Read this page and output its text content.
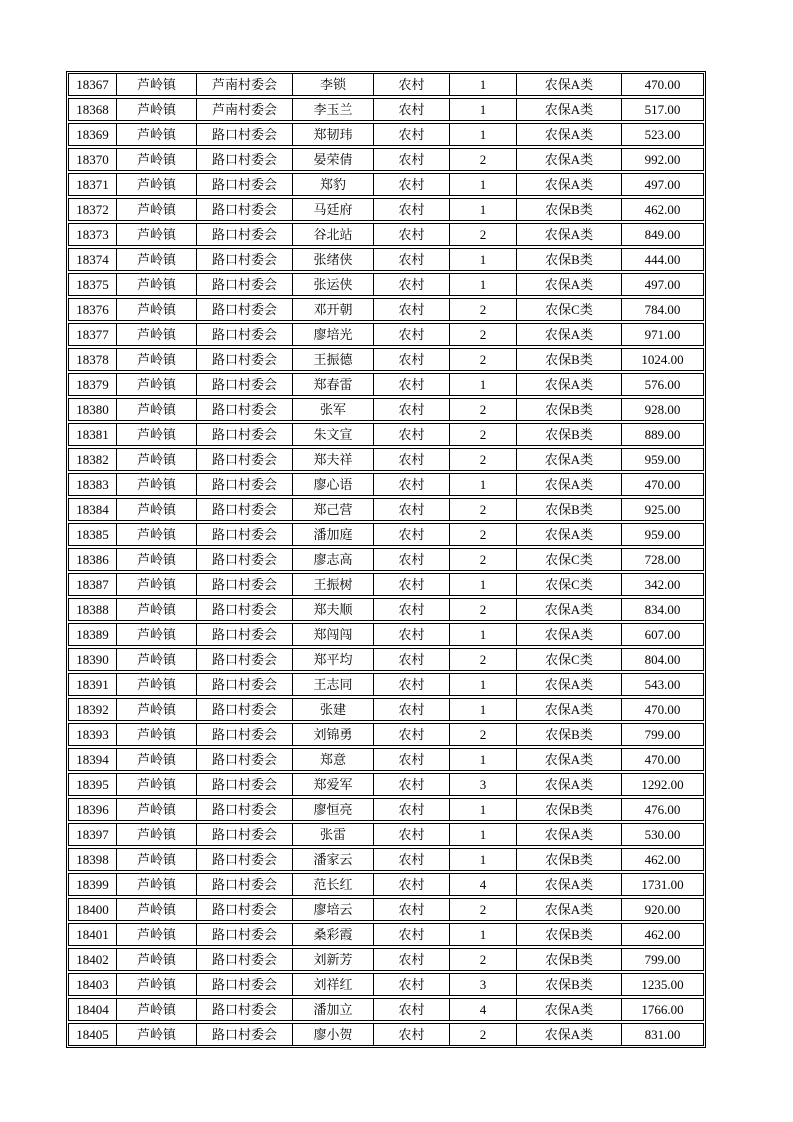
18367	芦岭镇	芦南村委会	李锁	农村	1	农保A类	470.00
18368	芦岭镇	芦南村委会	李玉兰	农村	1	农保A类	517.00
18369	芦岭镇	路口村委会	郑韧玮	农村	1	农保A类	523.00
18370	芦岭镇	路口村委会	晏荣倩	农村	2	农保A类	992.00
18371	芦岭镇	路口村委会	郑豹	农村	1	农保A类	497.00
18372	芦岭镇	路口村委会	马廷府	农村	1	农保B类	462.00
18373	芦岭镇	路口村委会	谷北站	农村	2	农保A类	849.00
18374	芦岭镇	路口村委会	张绪侠	农村	1	农保B类	444.00
18375	芦岭镇	路口村委会	张运侠	农村	1	农保A类	497.00
18376	芦岭镇	路口村委会	邓开朝	农村	2	农保C类	784.00
18377	芦岭镇	路口村委会	廖培光	农村	2	农保A类	971.00
18378	芦岭镇	路口村委会	王振德	农村	2	农保B类	1024.00
18379	芦岭镇	路口村委会	郑春雷	农村	1	农保A类	576.00
18380	芦岭镇	路口村委会	张军	农村	2	农保B类	928.00
18381	芦岭镇	路口村委会	朱文宣	农村	2	农保B类	889.00
18382	芦岭镇	路口村委会	郑夫祥	农村	2	农保A类	959.00
18383	芦岭镇	路口村委会	廖心语	农村	1	农保A类	470.00
18384	芦岭镇	路口村委会	郑己营	农村	2	农保B类	925.00
18385	芦岭镇	路口村委会	潘加庭	农村	2	农保A类	959.00
18386	芦岭镇	路口村委会	廖志高	农村	2	农保C类	728.00
18387	芦岭镇	路口村委会	王振树	农村	1	农保C类	342.00
18388	芦岭镇	路口村委会	郑夫顺	农村	2	农保A类	834.00
18389	芦岭镇	路口村委会	郑闯闯	农村	1	农保A类	607.00
18390	芦岭镇	路口村委会	郑平均	农村	2	农保C类	804.00
18391	芦岭镇	路口村委会	王志同	农村	1	农保A类	543.00
18392	芦岭镇	路口村委会	张建	农村	1	农保A类	470.00
18393	芦岭镇	路口村委会	刘锦勇	农村	2	农保B类	799.00
18394	芦岭镇	路口村委会	郑意	农村	1	农保A类	470.00
18395	芦岭镇	路口村委会	郑爱军	农村	3	农保A类	1292.00
18396	芦岭镇	路口村委会	廖恒亮	农村	1	农保B类	476.00
18397	芦岭镇	路口村委会	张雷	农村	1	农保A类	530.00
18398	芦岭镇	路口村委会	潘家云	农村	1	农保B类	462.00
18399	芦岭镇	路口村委会	范长红	农村	4	农保A类	1731.00
18400	芦岭镇	路口村委会	廖培云	农村	2	农保A类	920.00
18401	芦岭镇	路口村委会	桑彩霞	农村	1	农保B类	462.00
18402	芦岭镇	路口村委会	刘新芳	农村	2	农保B类	799.00
18403	芦岭镇	路口村委会	刘祥红	农村	3	农保B类	1235.00
18404	芦岭镇	路口村委会	潘加立	农村	4	农保A类	1766.00
18405	芦岭镇	路口村委会	廖小贺	农村	2	农保A类	831.00
